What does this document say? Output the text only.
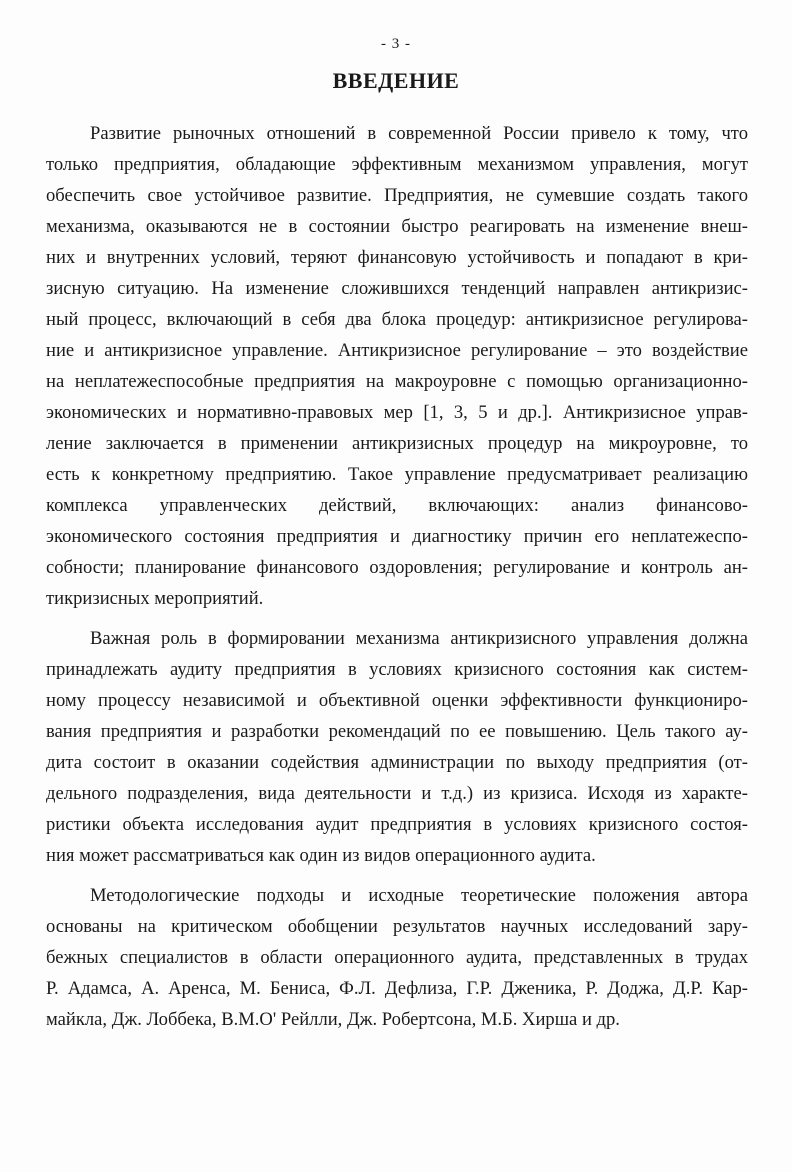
- 3 -
ВВЕДЕНИЕ
Развитие рыночных отношений в современной России привело к тому, что
только предприятия, обладающие эффективным механизмом управления, могут
обеспечить свое устойчивое развитие. Предприятия, не сумевшие создать такого
механизма, оказываются не в состоянии быстро реагировать на изменение внеш-
них и внутренних условий, теряют финансовую устойчивость и попадают в кри-
зисную ситуацию. На изменение сложившихся тенденций направлен антикризис-
ный процесс, включающий в себя два блока процедур: антикризисное регулирова-
ние и антикризисное управление. Антикризисное регулирование – это воздействие
на неплатежеспособные предприятия на макроуровне с помощью организационно-
экономических и нормативно-правовых мер [1, 3, 5 и др.]. Антикризисное управ-
ление заключается в применении антикризисных процедур на микроуровне, то
есть к конкретному предприятию. Такое управление предусматривает реализацию
комплекса управленческих действий, включающих: анализ финансово-
экономического состояния предприятия и диагностику причин его неплатежеспо-
собности; планирование финансового оздоровления; регулирование и контроль ан-
тикризисных мероприятий.
Важная роль в формировании механизма антикризисного управления должна
принадлежать аудиту предприятия в условиях кризисного состояния как систем-
ному процессу независимой и объективной оценки эффективности функциониро-
вания предприятия и разработки рекомендаций по ее повышению. Цель такого ау-
дита состоит в оказании содействия администрации по выходу предприятия (от-
дельного подразделения, вида деятельности и т.д.) из кризиса. Исходя из характе-
ристики объекта исследования аудит предприятия в условиях кризисного состоя-
ния может рассматриваться как один из видов операционного аудита.
Методологические подходы и исходные теоретические положения автора
основаны на критическом обобщении результатов научных исследований зару-
бежных специалистов в области операционного аудита, представленных в трудах
Р. Адамса, А. Аренса, М. Бениса, Ф.Л. Дефлиза, Г.Р. Дженика, Р. Доджа, Д.Р. Кар-
майкла, Дж. Лоббека, В.М.О' Рейлли, Дж. Робертсона, М.Б. Хирша и др.
